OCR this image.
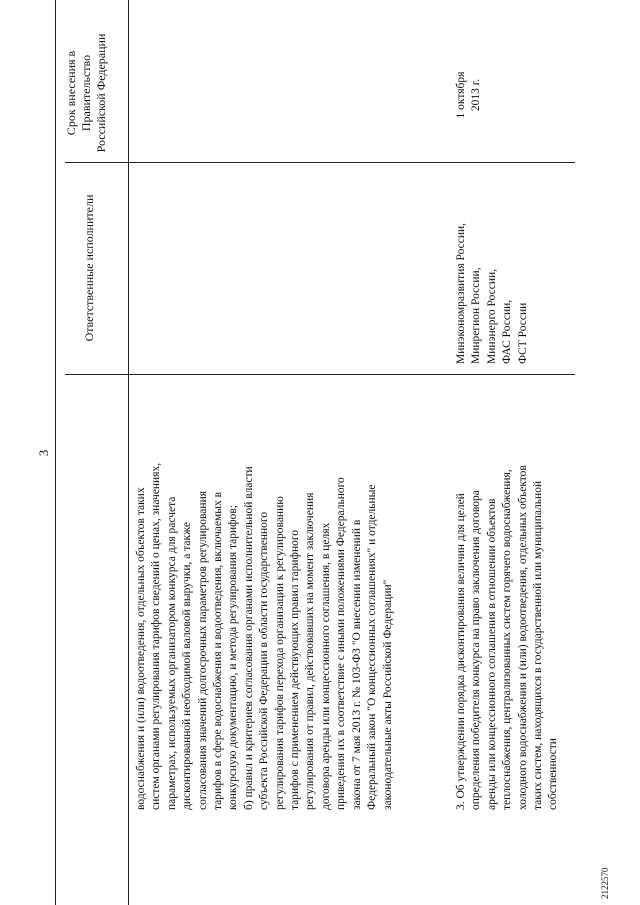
3
Ответственные исполнители
Срок внесения в Правительство Российской Федерации
водоснабжения и (или) водоотведения, отдельных объектов таких систем органами регулирования тарифов сведений о ценах, значениях, параметрах, используемых организатором конкурса для расчета дисконтированной необходимой валовой выручки, а также согласования значений долгосрочных параметров регулирования тарифов в сфере водоснабжения и водоотведения, включаемых в конкурсную документацию, и метода регулирования тарифов; б) правил и критериев согласования органами исполнительной власти субъекта Российской Федерации в области государственного регулирования тарифов перехода организации к регулированию тарифов с применением действующих правил тарифного регулирования от правил, действовавших на момент заключения договора аренды или концессионного соглашения, в целях приведения их в соответствие с иными положениями Федерального закона от 7 мая 2013 г. № 103-ФЗ "О внесении изменений в Федеральный закон "О концессионных соглашениях" и отдельные законодательные акты Российской Федерации"	3. Об утверждении порядка дисконтирования величин для целей определения победителя конкурса на право заключения договора аренды или концессионного соглашения в отношении объектов теплоснабжения, централизованных систем горячего водоснабжения, холодного водоснабжения и (или) водоотведения, отдельных объектов таких систем, находящихся в государственной или муниципальной собственности
Минэкономразвития России, Минрегион России, Минэнерго России, ФАС России, ФСТ России
1 октября 2013 г.
2122570
